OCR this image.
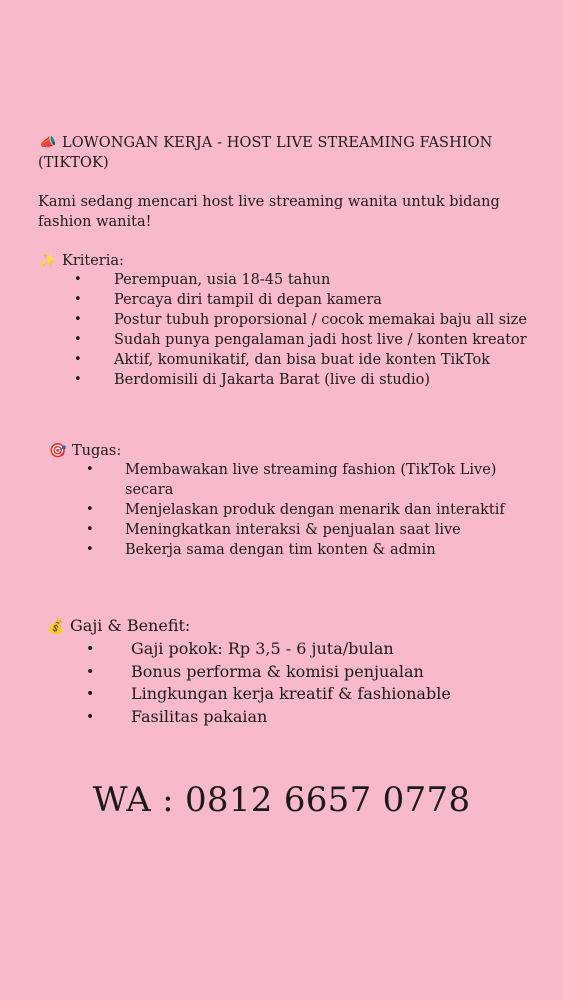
📣 LOWONGAN KERJA - HOST LIVE STREAMING FASHION (TIKTOK)
Kami sedang mencari host live streaming wanita untuk bidang fashion wanita!
✨ Kriteria:
• Perempuan, usia 18-45 tahun
• Percaya diri tampil di depan kamera
• Postur tubuh proporsional / cocok memakai baju all size
• Sudah punya pengalaman jadi host live / konten kreator
• Aktif, komunikatif, dan bisa buat ide konten TikTok
• Berdomisili di Jakarta Barat (live di studio)
🎯 Tugas:
• Membawakan live streaming fashion (TikTok Live) secara
• Menjelaskan produk dengan menarik dan interaktif
• Meningkatkan interaksi & penjualan saat live
• Bekerja sama dengan tim konten & admin
💰 Gaji & Benefit:
• Gaji pokok: Rp 3,5 - 6 juta/bulan
• Bonus performa & komisi penjualan
• Lingkungan kerja kreatif & fashionable
• Fasilitas pakaian
WA : 0812 6657 0778
